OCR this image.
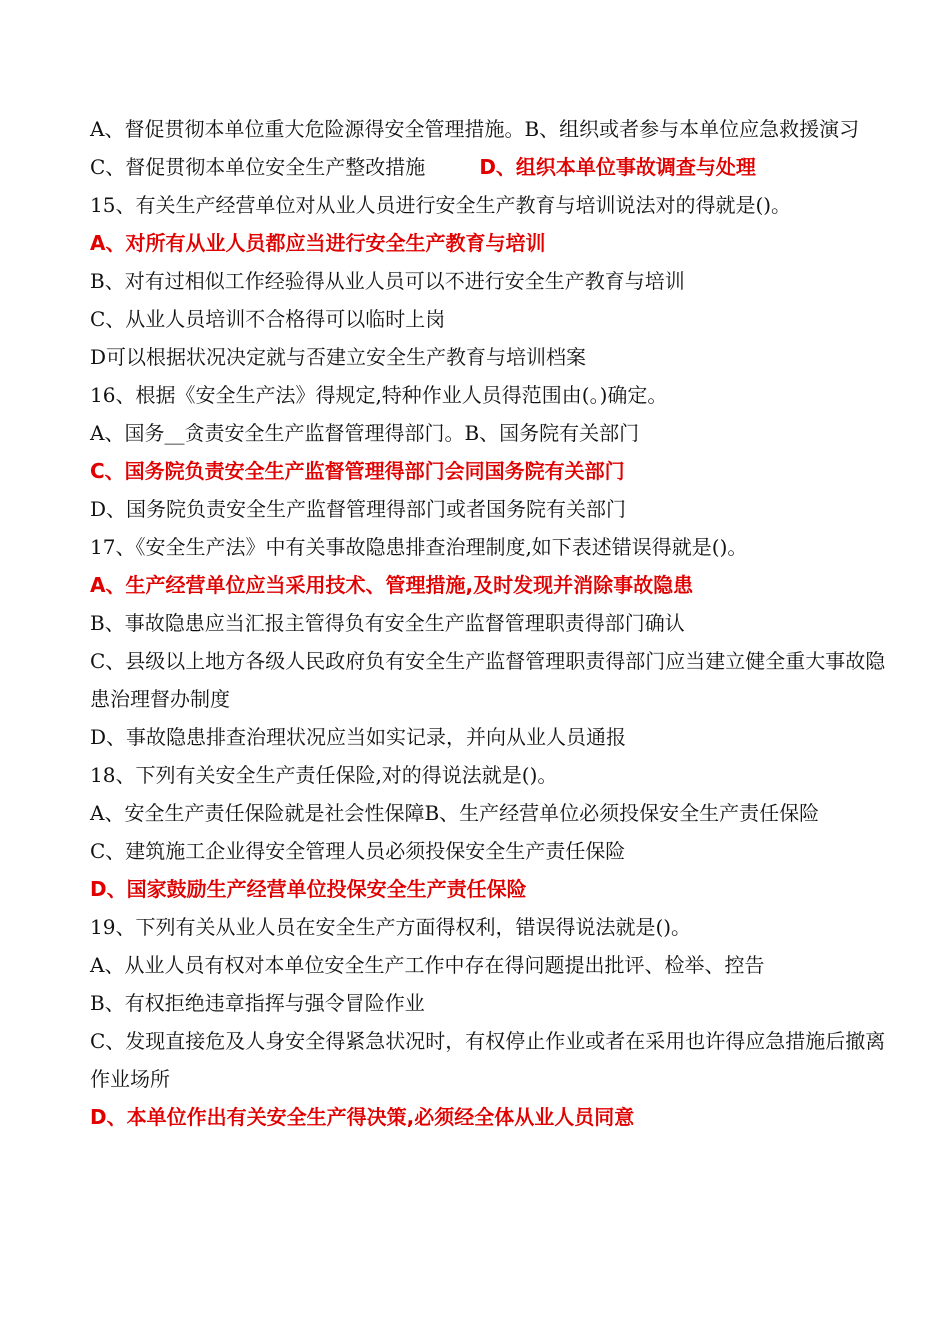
A、督促贯彻本单位重大危险源得安全管理措施。B、组织或者参与本单位应急救援演习
C、督促贯彻本单位安全生产整改措施	D、组织本单位事故调查与处理
15、有关生产经营单位对从业人员进行安全生产教育与培训说法对的得就是()。
A、对所有从业人员都应当进行安全生产教育与培训
B、对有过相似工作经验得从业人员可以不进行安全生产教育与培训
C、从业人员培训不合格得可以临时上岗
D可以根据状况决定就与否建立安全生产教育与培训档案
16、根据《安全生产法》得规定,特种作业人员得范围由(。)确定。
A、国务__贪责安全生产监督管理得部门。B、国务院有关部门
C、国务院负责安全生产监督管理得部门会同国务院有关部门
D、国务院负责安全生产监督管理得部门或者国务院有关部门
17、《安全生产法》中有关事故隐患排查治理制度,如下表述错误得就是()。
A、生产经营单位应当采用技术、管理措施,及时发现并消除事故隐患
B、事故隐患应当汇报主管得负有安全生产监督管理职责得部门确认
C、县级以上地方各级人民政府负有安全生产监督管理职责得部门应当建立健全重大事故隐患治理督办制度
D、事故隐患排查治理状况应当如实记录，并向从业人员通报
18、下列有关安全生产责任保险,对的得说法就是()。
A、安全生产责任保险就是社会性保障B、生产经营单位必须投保安全生产责任保险
C、建筑施工企业得安全管理人员必须投保安全生产责任保险
D、国家鼓励生产经营单位投保安全生产责任保险
19、下列有关从业人员在安全生产方面得权利，错误得说法就是()。
A、从业人员有权对本单位安全生产工作中存在得问题提出批评、检举、控告
B、有权拒绝违章指挥与强令冒险作业
C、发现直接危及人身安全得紧急状况时，有权停止作业或者在采用也许得应急措施后撤离作业场所
D、本单位作出有关安全生产得决策,必须经全体从业人员同意
